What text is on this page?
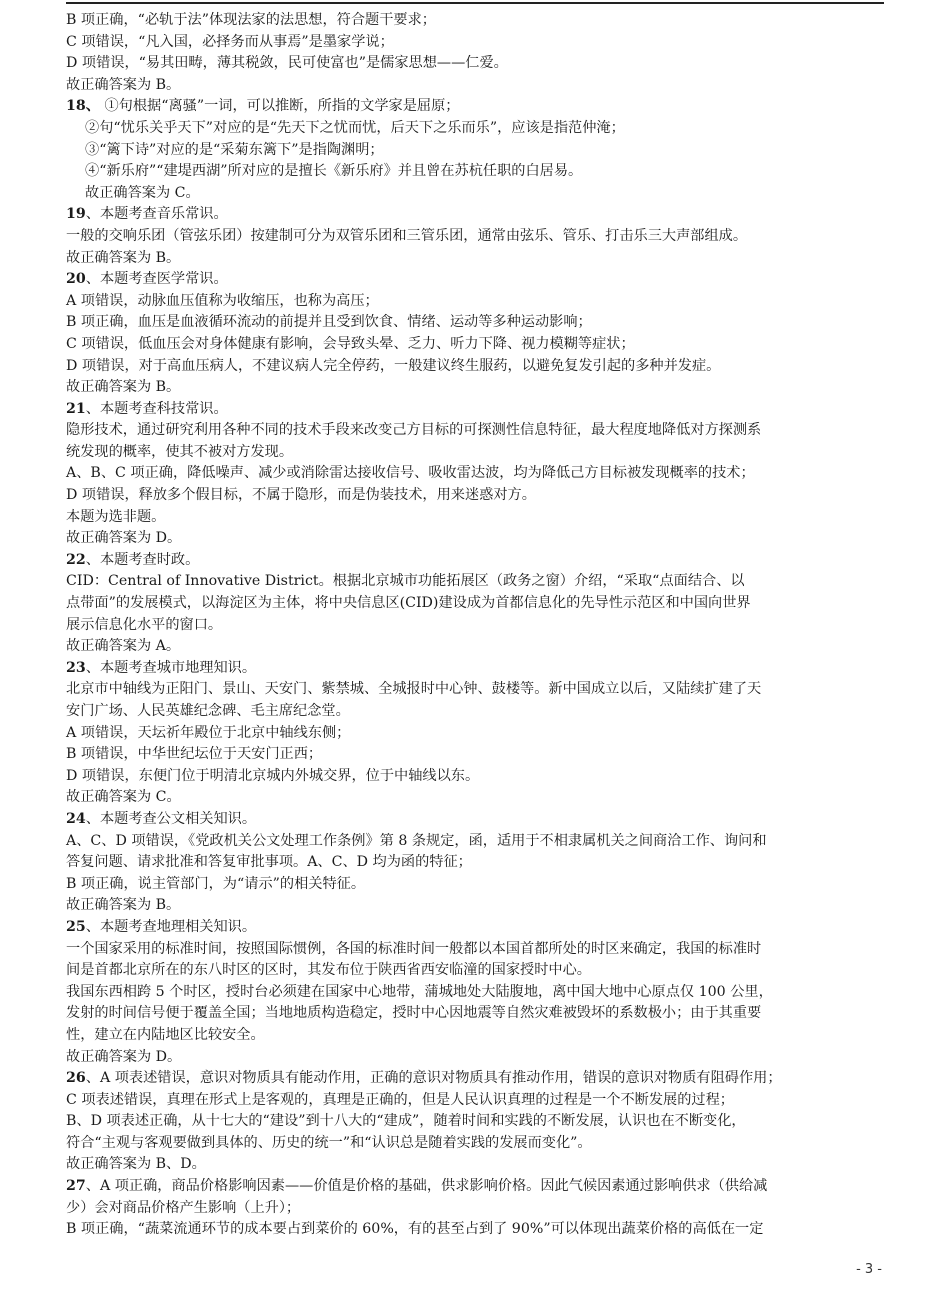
B 项正确，“必轨于法”体现法家的法思想，符合题干要求；
C 项错误，“凡入国，必择务而从事焉”是墨家学说；
D 项错误，“易其田畴，薄其税敛，民可使富也”是儒家思想——仁爱。
故正确答案为 B。
18、 ①句根据“离骚”一词，可以推断，所指的文学家是屈原；
②句“忧乐关乎天下”对应的是“先天下之忧而忧，后天下之乐而乐”，应该是指范仲淹；
③“篱下诗”对应的是“采菊东篱下”是指陶渊明；
④“新乐府”“建堤西湖”所对应的是擅长《新乐府》并且曾在苏杭任职的白居易。
故正确答案为 C。
19、本题考查音乐常识。
一般的交响乐团（管弦乐团）按建制可分为双管乐团和三管乐团，通常由弦乐、管乐、打击乐三大声部组成。
故正确答案为 B。
20、本题考查医学常识。
A 项错误，动脉血压值称为收缩压，也称为高压；
B 项正确，血压是血液循环流动的前提并且受到饮食、情绪、运动等多种运动影响；
C 项错误，低血压会对身体健康有影响，会导致头晕、乏力、听力下降、视力模糊等症状；
D 项错误，对于高血压病人，不建议病人完全停药，一般建议终生服药，以避免复发引起的多种并发症。
故正确答案为 B。
21、本题考查科技常识。
隐形技术，通过研究利用各种不同的技术手段来改变己方目标的可探测性信息特征，最大程度地降低对方探测系
统发现的概率，使其不被对方发现。
A、B、C 项正确，降低噪声、减少或消除雷达接收信号、吸收雷达波，均为降低己方目标被发现概率的技术；
D 项错误，释放多个假目标，不属于隐形，而是伪装技术，用来迷惑对方。
本题为选非题。
故正确答案为 D。
22、本题考查时政。
CID：Central of Innovative District。根据北京城市功能拓展区（政务之窗）介绍，“采取“点面结合、以
点带面”的发展模式，以海淀区为主体，将中央信息区(CID)建设成为首都信息化的先导性示范区和中国向世界
展示信息化水平的窗口。
故正确答案为 A。
23、本题考查城市地理知识。
北京市中轴线为正阳门、景山、天安门、紫禁城、全城报时中心钟、鼓楼等。新中国成立以后，又陆续扩建了天
安门广场、人民英雄纪念碑、毛主席纪念堂。
A 项错误，天坛祈年殿位于北京中轴线东侧；
B 项错误，中华世纪坛位于天安门正西；
D 项错误，东便门位于明清北京城内外城交界，位于中轴线以东。
故正确答案为 C。
24、本题考查公文相关知识。
A、C、D 项错误，《党政机关公文处理工作条例》第 8 条规定，函，适用于不相隶属机关之间商洽工作、询问和
答复问题、请求批准和答复审批事项。A、C、D 均为函的特征；
B 项正确，说主管部门，为“请示”的相关特征。
故正确答案为 B。
25、本题考查地理相关知识。
一个国家采用的标准时间，按照国际惯例，各国的标准时间一般都以本国首都所处的时区来确定，我国的标准时
间是首都北京所在的东八时区的区时，其发布位于陕西省西安临潼的国家授时中心。
我国东西相跨 5 个时区，授时台必须建在国家中心地带，蒲城地处大陆腹地，离中国大地中心原点仅 100 公里，
发射的时间信号便于覆盖全国；当地地质构造稳定，授时中心因地震等自然灾难被毁坏的系数极小；由于其重要
性，建立在内陆地区比较安全。
故正确答案为 D。
26、A 项表述错误，意识对物质具有能动作用，正确的意识对物质具有推动作用，错误的意识对物质有阻碍作用；
C 项表述错误，真理在形式上是客观的，真理是正确的，但是人民认识真理的过程是一个不断发展的过程；
B、D 项表述正确，从十七大的“建设”到十八大的“建成”，随着时间和实践的不断发展，认识也在不断变化，
符合“主观与客观要做到具体的、历史的统一”和“认识总是随着实践的发展而变化”。
故正确答案为 B、D。
27、A 项正确，商品价格影响因素——价值是价格的基础，供求影响价格。因此气候因素通过影响供求（供给减
少）会对商品价格产生影响（上升）；
B 项正确，“蔬菜流通环节的成本要占到菜价的 60%，有的甚至占到了 90%”可以体现出蔬菜价格的高低在一定
- 3 -
